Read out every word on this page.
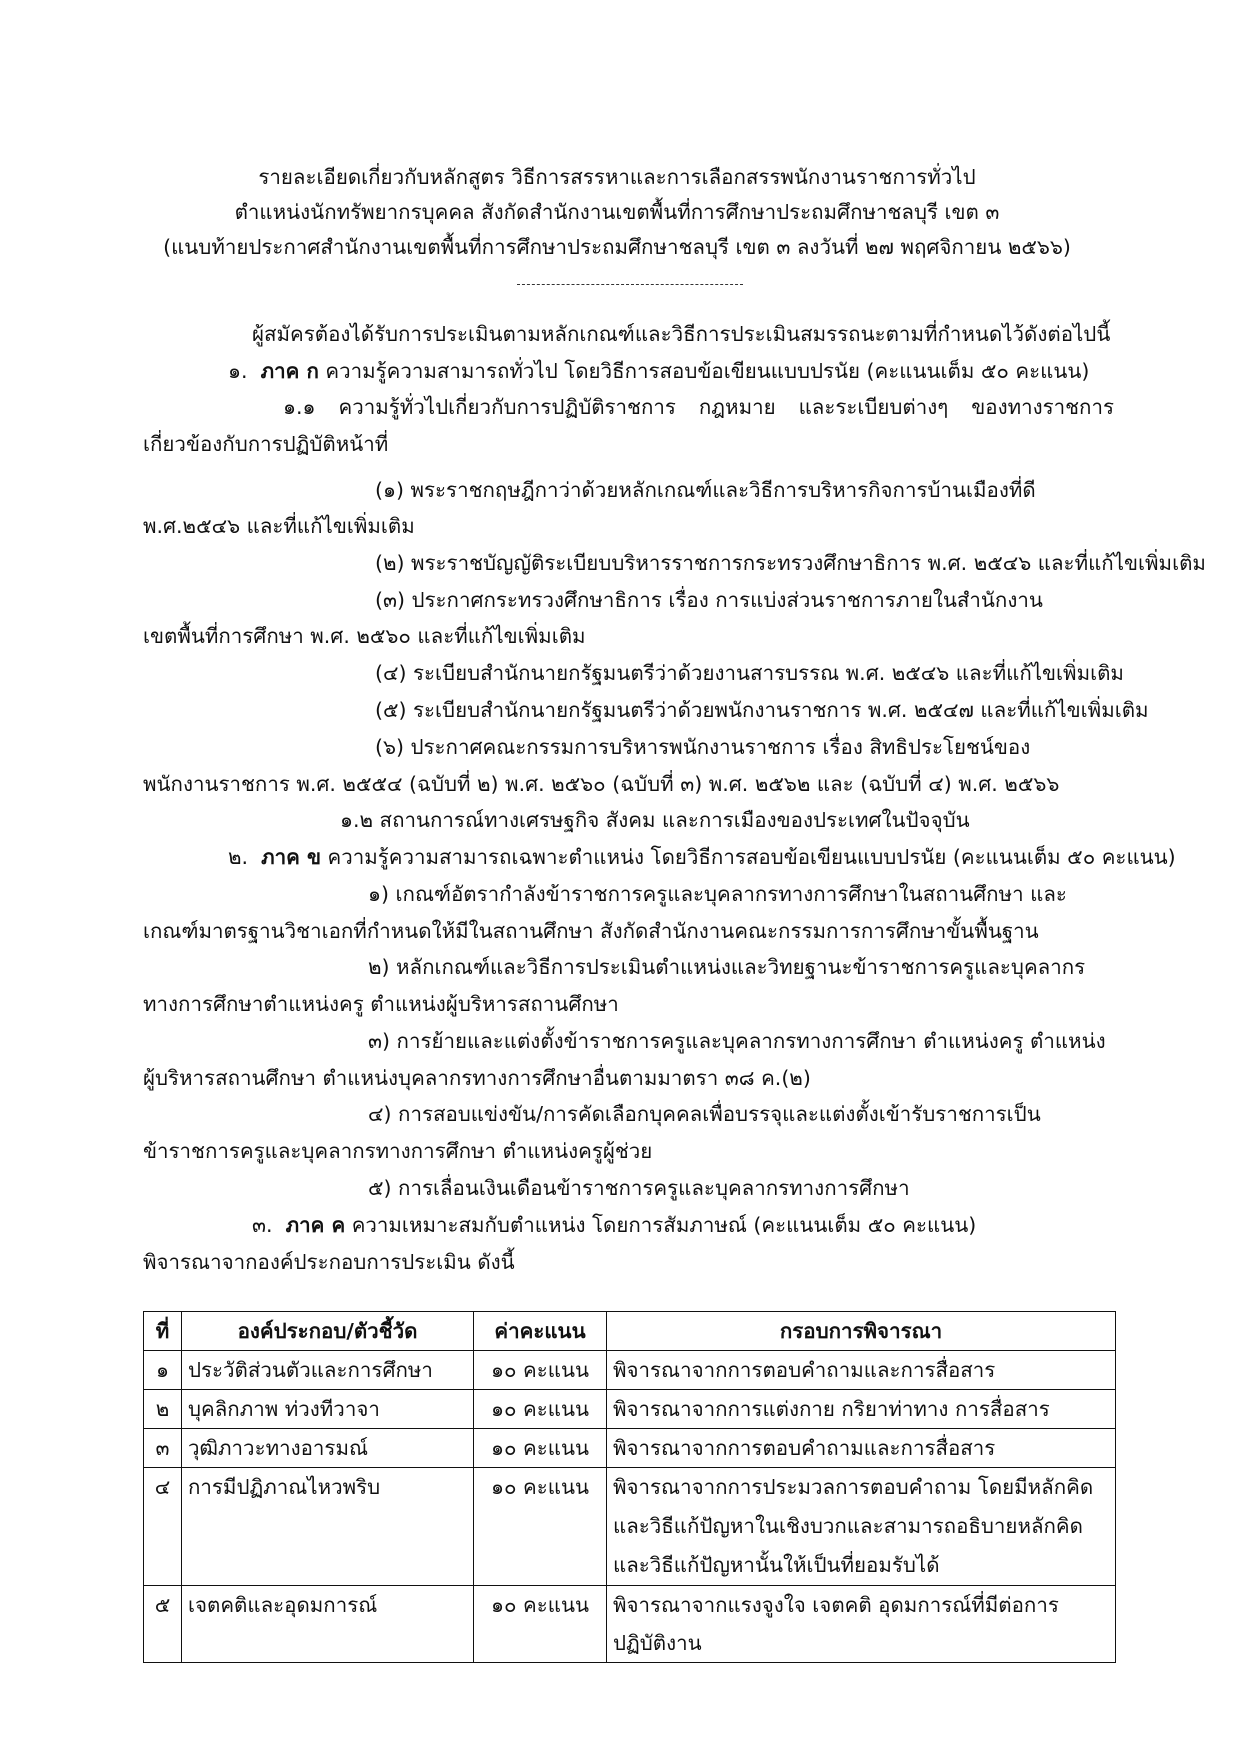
รายละเอียดเกี่ยวกับหลักสูตร วิธีการสรรหาและการเลือกสรรพนักงานราชการทั่วไป
ตำแหน่งนักทรัพยากรบุคคล สังกัดสำนักงานเขตพื้นที่การศึกษาประถมศึกษาชลบุรี เขต ๓
(แนบท้ายประกาศสำนักงานเขตพื้นที่การศึกษาประถมศึกษาชลบุรี เขต ๓ ลงวันที่ ๒๗ พฤศจิกายน ๒๕๖๖)
ผู้สมัครต้องได้รับการประเมินตามหลักเกณฑ์และวิธีการประเมินสมรรถนะตามที่กำหนดไว้ดังต่อไปนี้
๑. ภาค ก ความรู้ความสามารถทั่วไป โดยวิธีการสอบข้อเขียนแบบปรนัย (คะแนนเต็ม ๕๐ คะแนน)
๑.๑ ความรู้ทั่วไปเกี่ยวกับการปฏิบัติราชการ กฎหมาย และระเบียบต่างๆ ของทางราชการ
เกี่ยวข้องกับการปฏิบัติหน้าที่
(๑) พระราชกฤษฎีกาว่าด้วยหลักเกณฑ์และวิธีการบริหารกิจการบ้านเมืองที่ดี
พ.ศ.๒๕๔๖ และที่แก้ไขเพิ่มเติม
(๒) พระราชบัญญัติระเบียบบริหารราชการกระทรวงศึกษาธิการ พ.ศ. ๒๕๔๖ และที่แก้ไขเพิ่มเติม
(๓) ประกาศกระทรวงศึกษาธิการ เรื่อง การแบ่งส่วนราชการภายในสำนักงาน
เขตพื้นที่การศึกษา พ.ศ. ๒๕๖๐ และที่แก้ไขเพิ่มเติม
(๔) ระเบียบสำนักนายกรัฐมนตรีว่าด้วยงานสารบรรณ พ.ศ. ๒๕๔๖ และที่แก้ไขเพิ่มเติม
(๕) ระเบียบสำนักนายกรัฐมนตรีว่าด้วยพนักงานราชการ พ.ศ. ๒๕๔๗ และที่แก้ไขเพิ่มเติม
(๖) ประกาศคณะกรรมการบริหารพนักงานราชการ เรื่อง สิทธิประโยชน์ของ
พนักงานราชการ พ.ศ. ๒๕๕๔ (ฉบับที่ ๒) พ.ศ. ๒๕๖๐ (ฉบับที่ ๓) พ.ศ. ๒๕๖๒ และ (ฉบับที่ ๔) พ.ศ. ๒๕๖๖
๑.๒ สถานการณ์ทางเศรษฐกิจ สังคม และการเมืองของประเทศในปัจจุบัน
๒. ภาค ข ความรู้ความสามารถเฉพาะตำแหน่ง โดยวิธีการสอบข้อเขียนแบบปรนัย (คะแนนเต็ม ๕๐ คะแนน)
๑) เกณฑ์อัตรากำลังข้าราชการครูและบุคลากรทางการศึกษาในสถานศึกษา และ
เกณฑ์มาตรฐานวิชาเอกที่กำหนดให้มีในสถานศึกษา สังกัดสำนักงานคณะกรรมการการศึกษาขั้นพื้นฐาน
๒) หลักเกณฑ์และวิธีการประเมินตำแหน่งและวิทยฐานะข้าราชการครูและบุคลากร
ทางการศึกษาตำแหน่งครู ตำแหน่งผู้บริหารสถานศึกษา
๓) การย้ายและแต่งตั้งข้าราชการครูและบุคลากรทางการศึกษา ตำแหน่งครู ตำแหน่ง
ผู้บริหารสถานศึกษา ตำแหน่งบุคลากรทางการศึกษาอื่นตามมาตรา ๓๘ ค.(๒)
๔) การสอบแข่งขัน/การคัดเลือกบุคคลเพื่อบรรจุและแต่งตั้งเข้ารับราชการเป็น
ข้าราชการครูและบุคลากรทางการศึกษา ตำแหน่งครูผู้ช่วย
๕) การเลื่อนเงินเดือนข้าราชการครูและบุคลากรทางการศึกษา
๓. ภาค ค ความเหมาะสมกับตำแหน่ง โดยการสัมภาษณ์ (คะแนนเต็ม ๕๐ คะแนน)
พิจารณาจากองค์ประกอบการประเมิน ดังนี้
ที่	องค์ประกอบ/ตัวชี้วัด	ค่าคะแนน	กรอบการพิจารณา
๑	ประวัติส่วนตัวและการศึกษา	๑๐ คะแนน	พิจารณาจากการตอบคำถามและการสื่อสาร
๒	บุคลิกภาพ ท่วงทีวาจา	๑๐ คะแนน	พิจารณาจากการแต่งกาย กริยาท่าทาง การสื่อสาร
๓	วุฒิภาวะทางอารมณ์	๑๐ คะแนน	พิจารณาจากการตอบคำถามและการสื่อสาร
๔	การมีปฏิภาณไหวพริบ	๑๐ คะแนน	พิจารณาจากการประมวลการตอบคำถาม โดยมีหลักคิด
และวิธีแก้ปัญหาในเชิงบวกและสามารถอธิบายหลักคิด
และวิธีแก้ปัญหานั้นให้เป็นที่ยอมรับได้

๕	เจตคติและอุดมการณ์	๑๐ คะแนน	พิจารณาจากแรงจูงใจ เจตคติ อุดมการณ์ที่มีต่อการปฏิบัติงาน
